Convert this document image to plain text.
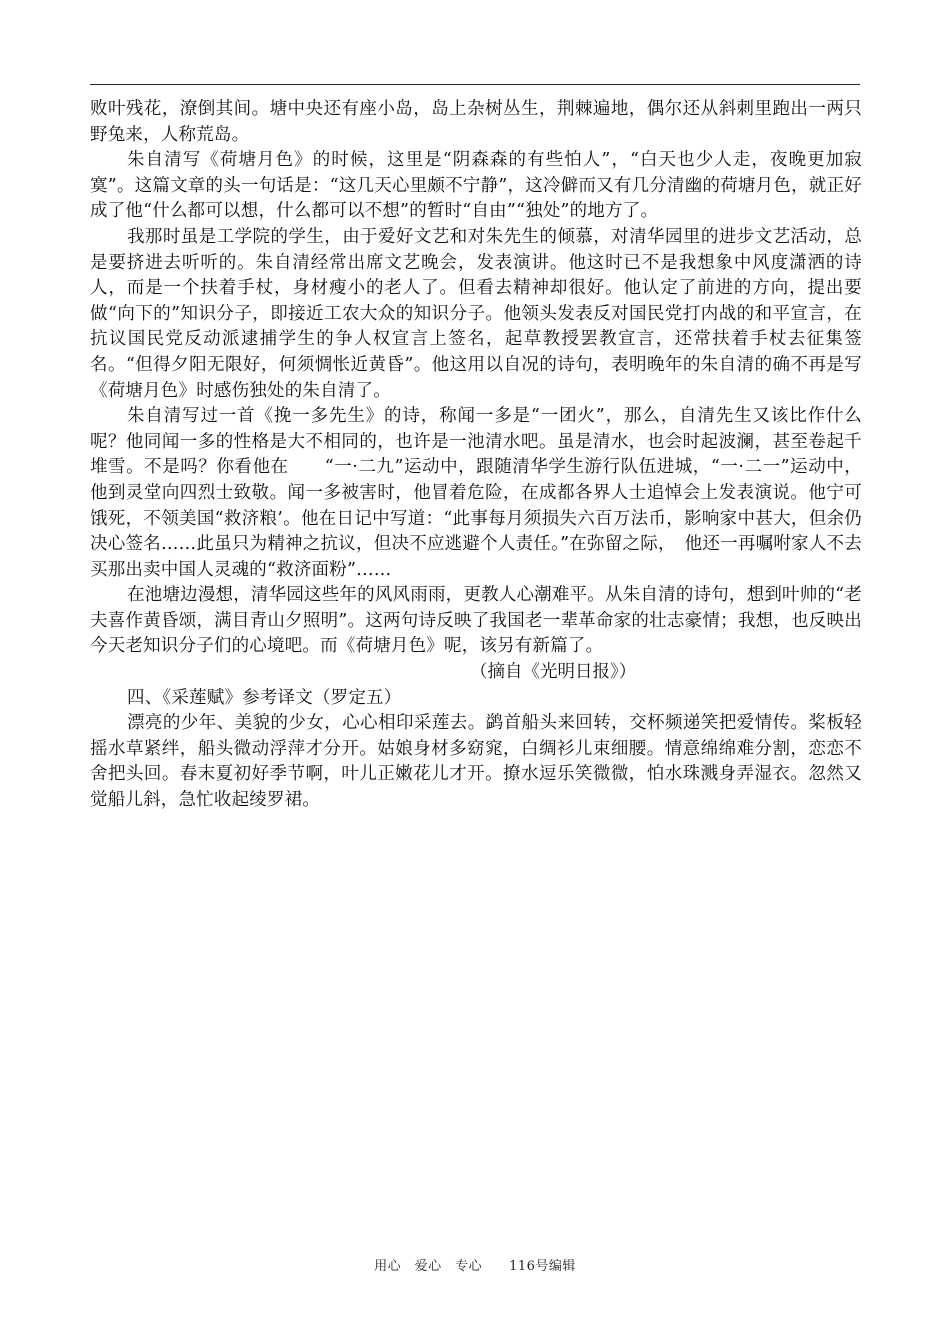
败叶残花，潦倒其间。塘中央还有座小岛，岛上杂树丛生，荆棘遍地，偶尔还从斜刺里跑出一两只野兔来，人称荒岛。

朱自清写《荷塘月色》的时候，这里是“阴森森的有些怕人”，“白天也少人走，夜晚更加寂寞”。这篇文章的头一句话是：“这几天心里颇不宁静”，这冷僻而又有几分清幽的荷塘月色，就正好成了他“什么都可以想，什么都可以不想”的暂时“自由”“独处”的地方了。

我那时虽是工学院的学生，由于爱好文艺和对朱先生的倾慕，对清华园里的进步文艺活动，总是要挤进去听听的。朱自清经常出席文艺晚会，发表演讲。他这时已不是我想象中风度潇洒的诗人，而是一个扶着手杖，身材瘦小的老人了。但看去精神却很好。他认定了前进的方向，提出要做“向下的”知识分子，即接近工农大众的知识分子。他领头发表反对国民党打内战的和平宣言，在抗议国民党反动派逮捕学生的争人权宣言上签名，起草教授罢教宣言，还常扶着手杖去征集签名。“但得夕阳无限好，何须惆怅近黄昏”。他这用以自况的诗句，表明晚年的朱自清的确不再是写《荷塘月色》时感伤独处的朱自清了。

朱自清写过一首《挽一多先生》的诗，称闻一多是“一团火”，那么，自清先生又该比作什么呢？他同闻一多的性格是大不相同的，也许是一池清水吧。虽是清水，也会时起波澜，甚至卷起千堆雪。不是吗？你看他在　　“一·二九”运动中，跟随清华学生游行队伍进城，“一·二一”运动中，他到灵堂向四烈士致敬。闻一多被害时，他冒着危险，在成都各界人士追悼会上发表演说。他宁可饿死，不领美国“救济粮’。他在日记中写道：“此事每月须损失六百万法币，影响家中甚大，但余仍决心签名……此虽只为精神之抗议，但决不应逃避个人责任。”在弥留之际，　他还一再嘱咐家人不去买那出卖中国人灵魂的“救济面粉”……

在池塘边漫想，清华园这些年的风风雨雨，更教人心潮难平。从朱自清的诗句，想到叶帅的“老夫喜作黄昏颂，满目青山夕照明”。这两句诗反映了我国老一辈革命家的壮志豪情；我想，也反映出今天老知识分子们的心境吧。而《荷塘月色》呢，该另有新篇了。

（摘自《光明日报》）

四、《采莲赋》参考译文（罗定五）

漂亮的少年、美貌的少女，心心相印采莲去。鹢首船头来回转，交杯频递笑把爱情传。桨板轻摇水草紧绊，船头微动浮萍才分开。姑娘身材多窈窕，白绸衫儿束细腰。情意绵绵难分割，恋恋不舍把头回。春末夏初好季节啊，叶儿正嫩花儿才开。撩水逗乐笑微微，怕水珠溅身弄湿衣。忽然又觉船儿斜，急忙收起绫罗裙。

用心　爱心　专心　　116号编辑
